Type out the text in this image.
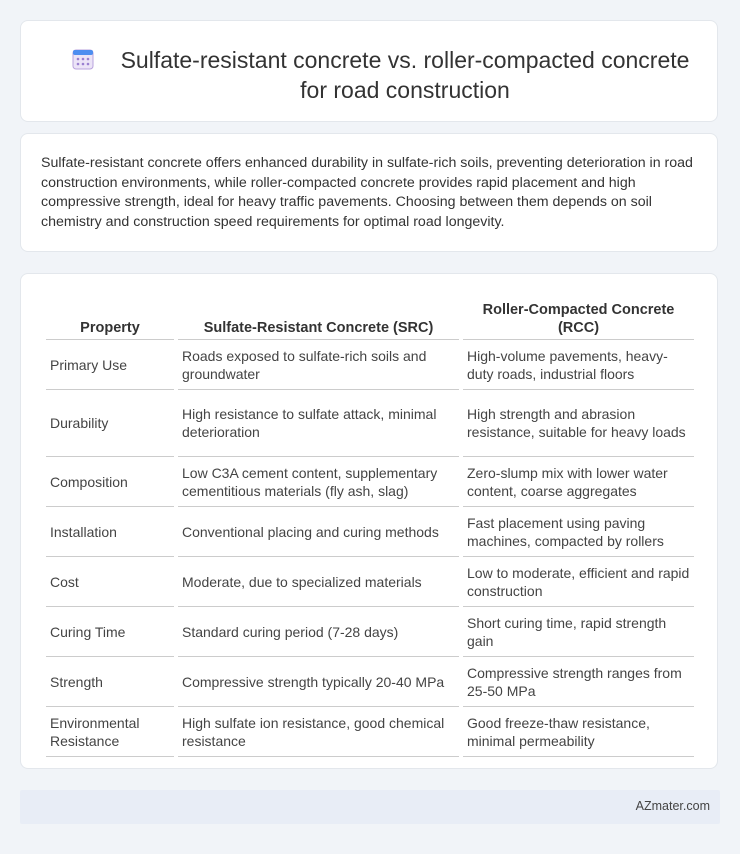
Sulfate-resistant concrete vs. roller-compacted concrete for road construction

Sulfate-resistant concrete offers enhanced durability in sulfate-rich soils, preventing deterioration in road construction environments, while roller-compacted concrete provides rapid placement and high compressive strength, ideal for heavy traffic pavements. Choosing between them depends on soil chemistry and construction speed requirements for optimal road longevity.

Property	Sulfate-Resistant Concrete (SRC)	Roller-Compacted Concrete (RCC)
Primary Use	Roads exposed to sulfate-rich soils and groundwater	High-volume pavements, heavy-duty roads, industrial floors
Durability	High resistance to sulfate attack, minimal deterioration	High strength and abrasion resistance, suitable for heavy loads
Composition	Low C3A cement content, supplementary cementitious materials (fly ash, slag)	Zero-slump mix with lower water content, coarse aggregates
Installation	Conventional placing and curing methods	Fast placement using paving machines, compacted by rollers
Cost	Moderate, due to specialized materials	Low to moderate, efficient and rapid construction
Curing Time	Standard curing period (7-28 days)	Short curing time, rapid strength gain
Strength	Compressive strength typically 20-40 MPa	Compressive strength ranges from 25-50 MPa
Environmental Resistance	High sulfate ion resistance, good chemical resistance	Good freeze-thaw resistance, minimal permeability
AZmater.com
